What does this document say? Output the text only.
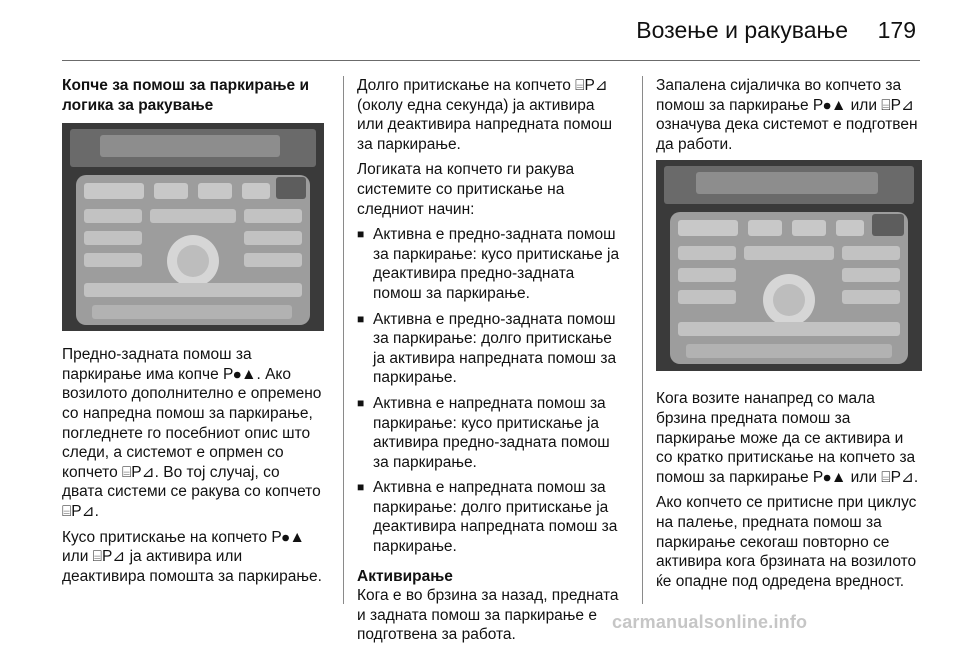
Возење и ракување 179
Копче за помош за паркирање и логика за ракување

Предно-задната помош за паркирање има копче P⦁▲. Ако возилото дополнително е опремено со напредна помош за паркирање, погледнете го посебниот опис што следи, а системот е опрмен со копчето ⌸P⊿. Во тој случај, со двата системи се ракува со копчето ⌸P⊿.

Кусо притискање на копчето P⦁▲ или ⌸P⊿ ја активира или деактивира помошта за паркирање.

Долго притискање на копчето ⌸P⊿ (околу една секунда) ја активира или деактивира напредната помош за паркирање.

Логиката на копчето ги ракува системите со притискање на следниот начин:

■ Активна е предно-задната помош за паркирање: кусо притискање ја деактивира предно-задната помош за паркирање.
■ Активна е предно-задната помош за паркирање: долго притискање ја активира напредната помош за паркирање.
■ Активна е напредната помош за паркирање: кусо притискање ја активира предно-задната помош за паркирање.
■ Активна е напредната помош за паркирање: долго притискање ја деактивира напредната помош за паркирање.
Активирање

Кога е во брзина за назад, предната и задната помош за паркирање е подготвена за работа.

Запалена сијаличка во копчето за помош за паркирање P⦁▲ или ⌸P⊿ означува дека системот е подготвен да работи.

Кога возите нанапред со мала брзина предната помош за паркирање може да се активира и со кратко притискање на копчето за помош за паркирање P⦁▲ или ⌸P⊿.

Ако копчето се притисне при циклус на палење, предната помош за паркирање секогаш повторно се активира кога брзината на возилото ќе опадне под одредена вредност.

carmanualsonline.info
